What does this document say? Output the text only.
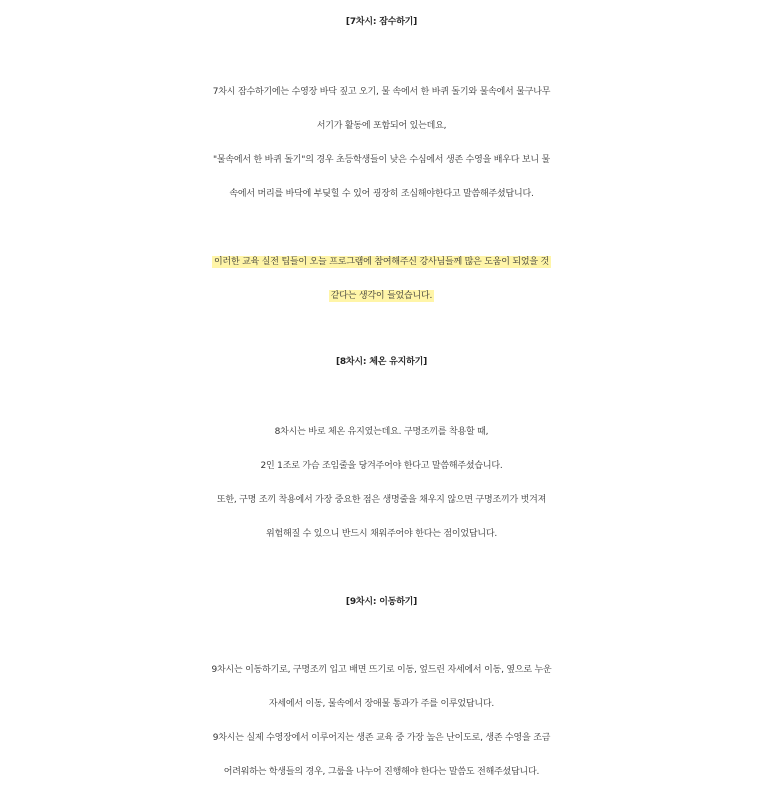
[7차시: 잠수하기]
7차시 잠수하기에는 수영장 바닥 짚고 오기, 물 속에서 한 바퀴 돌기와 물속에서 물구나무
서기가 활동에 포함되어 있는데요,
"물속에서 한 바퀴 돌기"의 경우 초등학생들이 낮은 수심에서 생존 수영을 배우다 보니 물
속에서 머리를 바닥에 부딪힐 수 있어 굉장히 조심해야한다고 말씀해주셨답니다.
이러한 교육 실전 팁들이 오늘 프로그램에 참여해주신 강사님들께 많은 도움이 되었을 것
같다는 생각이 들었습니다.
[8차시: 체온 유지하기]
8차시는 바로 체온 유지였는데요. 구명조끼를 착용할 때,
2인 1조로 가슴 조임줄을 당겨주어야 한다고 말씀해주셨습니다.
또한, 구명 조끼 착용에서 가장 중요한 점은 생명줄을 채우지 않으면 구명조끼가 벗겨져
위험해질 수 있으니 반드시 채워주어야 한다는 점이었답니다.
[9차시: 이동하기]
9차시는 이동하기로, 구명조끼 입고 배면 뜨기로 이동, 엎드린 자세에서 이동, 옆으로 누운
자세에서 이동, 물속에서 장애물 통과가 주를 이루었답니다.
9차시는 실제 수영장에서 이루어지는 생존 교육 중 가장 높은 난이도로, 생존 수영을 조금
어려워하는 학생들의 경우, 그룹을 나누어 진행해야 한다는 말씀도 전해주셨답니다.
